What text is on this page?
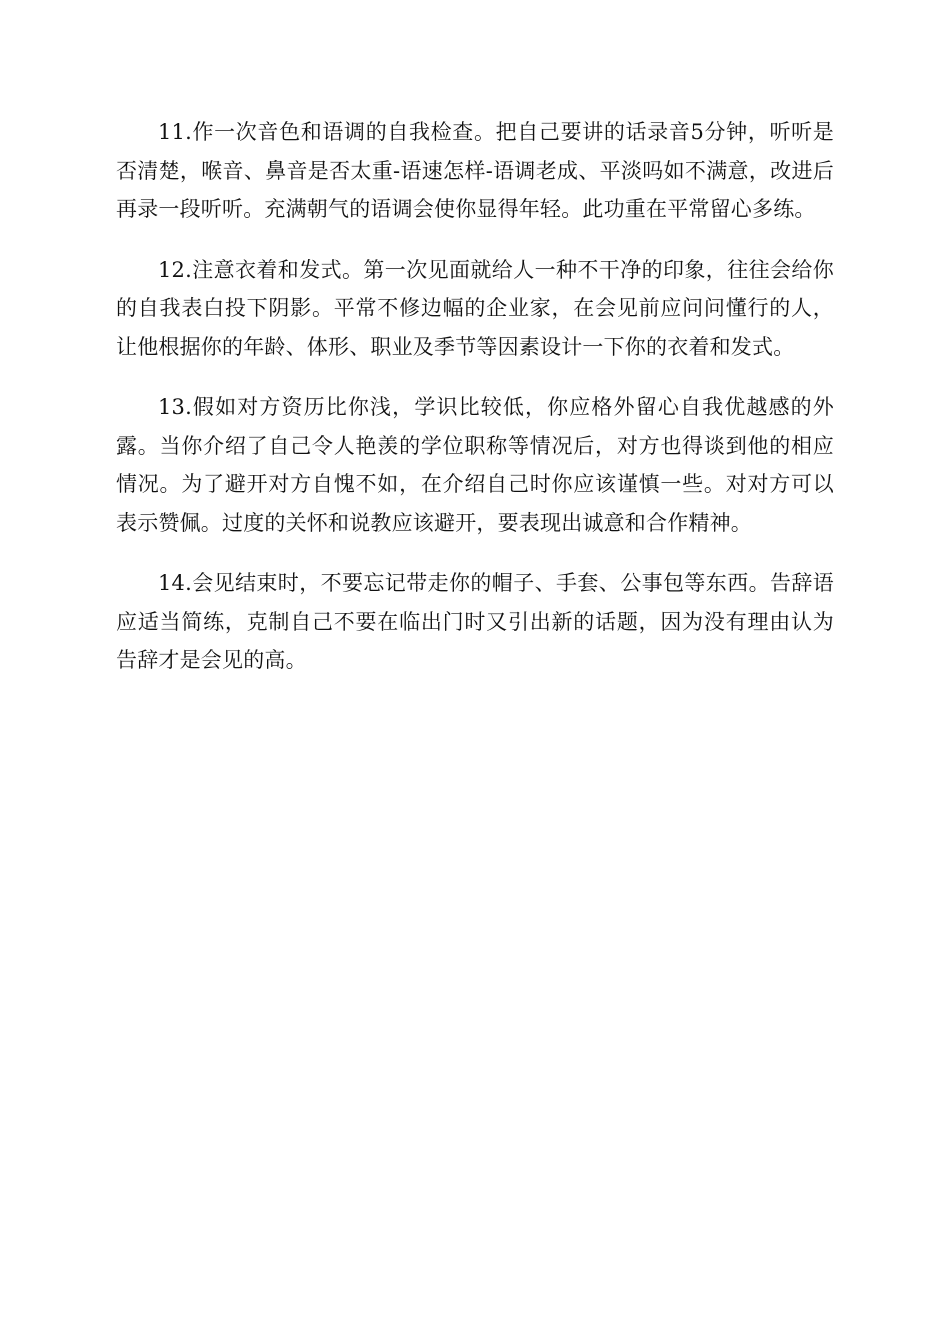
11.作一次音色和语调的自我检查。把自己要讲的话录音5分钟，听听是否清楚，喉音、鼻音是否太重-语速怎样-语调老成、平淡吗如不满意，改进后再录一段听听。充满朝气的语调会使你显得年轻。此功重在平常留心多练。

12.注意衣着和发式。第一次见面就给人一种不干净的印象，往往会给你的自我表白投下阴影。平常不修边幅的企业家，在会见前应问问懂行的人，让他根据你的年龄、体形、职业及季节等因素设计一下你的衣着和发式。

13.假如对方资历比你浅，学识比较低，你应格外留心自我优越感的外露。当你介绍了自己令人艳羡的学位职称等情况后，对方也得谈到他的相应情况。为了避开对方自愧不如，在介绍自己时你应该谨慎一些。对对方可以表示赞佩。过度的关怀和说教应该避开，要表现出诚意和合作精神。

14.会见结束时，不要忘记带走你的帽子、手套、公事包等东西。告辞语应适当简练，克制自己不要在临出门时又引出新的话题，因为没有理由认为告辞才是会见的高。
